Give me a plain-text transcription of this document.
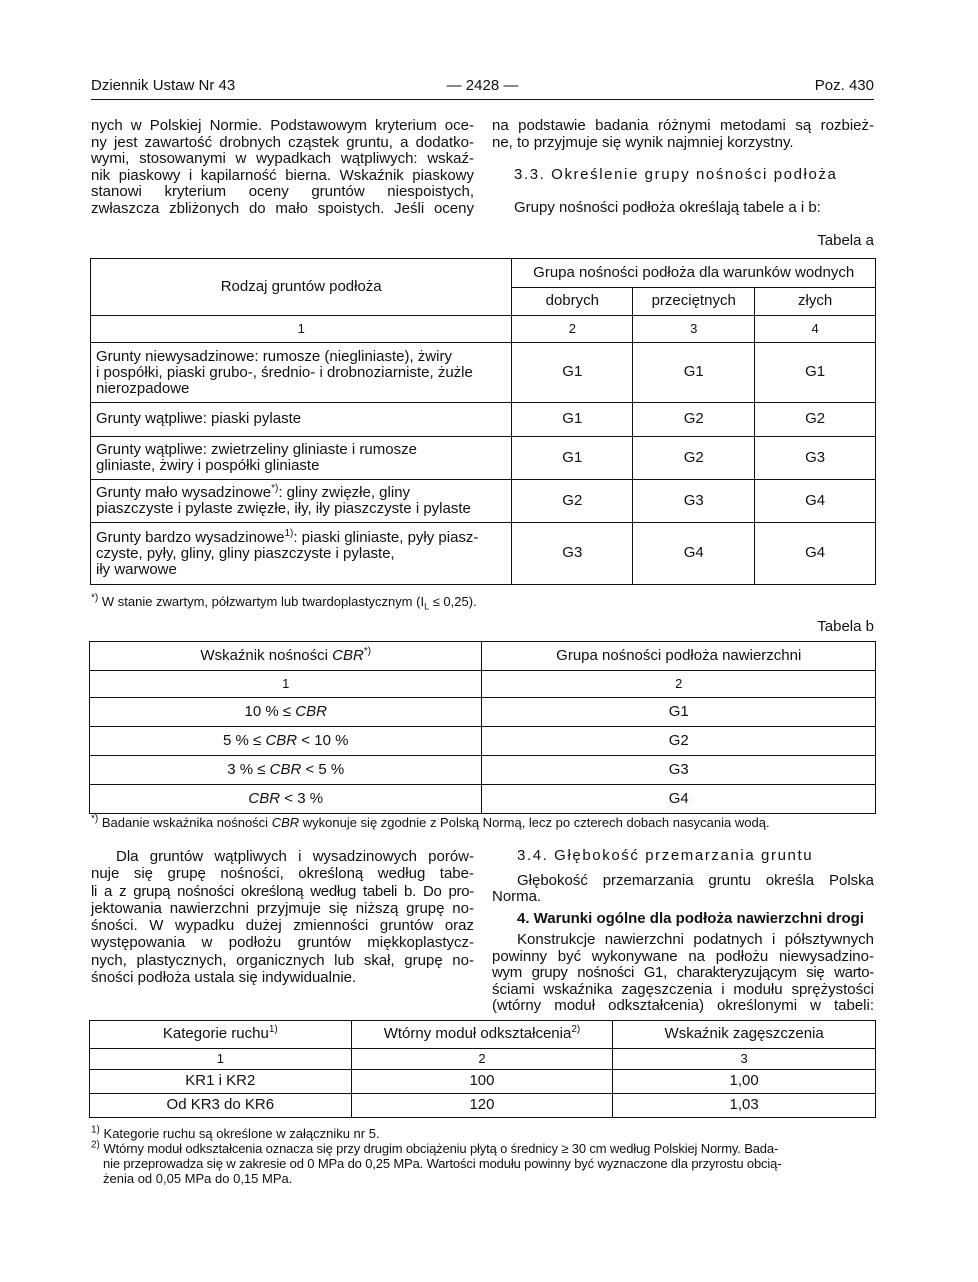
Dziennik Ustaw Nr 43	— 2428 —	Poz. 430
nych w Polskiej Normie. Podstawowym kryterium oce-
ny jest zawartość drobnych cząstek gruntu, a dodatko-
wymi, stosowanymi w wypadkach wątpliwych: wskaź-
nik piaskowy i kapilarność bierna. Wskaźnik piaskowy
stanowi kryterium oceny gruntów niespoistych,
zwłaszcza zbliżonych do mało spoistych. Jeśli oceny
na podstawie badania różnymi metodami są rozbież-
ne, to przyjmuje się wynik najmniej korzystny.
3.3. Określenie grupy nośności podłoża
Grupy nośności podłoża określają tabele a i b:
Tabela a
Rodzaj gruntów podłoża	Grupa nośności podłoża dla warunków wodnych		
	dobrych	przeciętnych	złych
1	2	3	4

Grunty niewysadzinowe: rumosze (niegliniaste), żwiry
i pospółki, piaski grubo-, średnio- i drobnoziarniste, żużle
nierozpadowe	G1	G1	G1
Grunty wątpliwe: piaski pylaste	G1	G2	G2

Grunty wątpliwe: zwietrzeliny gliniaste i rumosze
gliniaste, żwiry i pospółki gliniaste	G1	G2	G3

Grunty mało wysadzinowe*): gliny zwięzłe, gliny
piaszczyste i pylaste zwięzłe, iły, iły piaszczyste i pylaste	G2	G3	G4

Grunty bardzo wysadzinowe$^{1)}$: piaski gliniaste, pyły piasz-
czyste, pyły, gliny, gliny piaszczyste i pylaste,
iły warwowe	G3	G4	G4
*) W stanie zwartym, półzwartym lub twardoplastycznym $(I_L \le 0,25)$.
Tabela b
Wskaźnik nośności CBR*)	Grupa nośności podłoża nawierzchni
1	2
10 % ≤ CBR	G1
5 % ≤ CBR < 10 %	G2
3 % ≤ CBR < 5 %	G3
CBR < 3 %	G4
*) Badanie wskaźnika nośności CBR wykonuje się zgodnie z Polską Normą, lecz po czterech dobach nasycania wodą.
Dla gruntów wątpliwych i wysadzinowych porów-
nuje się grupę nośności, określoną według tabe-
li a z grupą nośności określoną według tabeli b. Do pro-
jektowania nawierzchni przyjmuje się niższą grupę no-
śności. W wypadku dużej zmienności gruntów oraz
występowania w podłożu gruntów miękkoplastycz-
nych, plastycznych, organicznych lub skał, grupę no-
śności podłoża ustala się indywidualnie.
3.4. Głębokość przemarzania gruntu
Głębokość przemarzania gruntu określa Polska
Norma.
4. Warunki ogólne dla podłoża nawierzchni drogi
Konstrukcje nawierzchni podatnych i półsztywnych
powinny być wykonywane na podłożu niewysadzino-
wym grupy nośności G1, charakteryzującym się warto-
ściami wskaźnika zagęszczenia i modułu sprężystości
(wtórny moduł odkształcenia) określonymi w tabeli:
Kategorie ruchu$^{1)}$	Wtórny moduł odkształcenia$^{2)}$	Wskaźnik zagęszczenia
1	2	3
KR1 i KR2	100	1,00
Od KR3 do KR6	120	1,03
$^{1)}$ Kategorie ruchu są określone w załączniku nr 5.
$^{2)}$ Wtórny moduł odkształcenia oznacza się przy drugim obciążeniu płytą o średnicy ≥ 30 cm według Polskiej Normy. Bada-
nie przeprowadza się w zakresie od 0 MPa do 0,25 MPa. Wartości modułu powinny być wyznaczone dla przyrostu obcią-
żenia od 0,05 MPa do 0,15 MPa.
